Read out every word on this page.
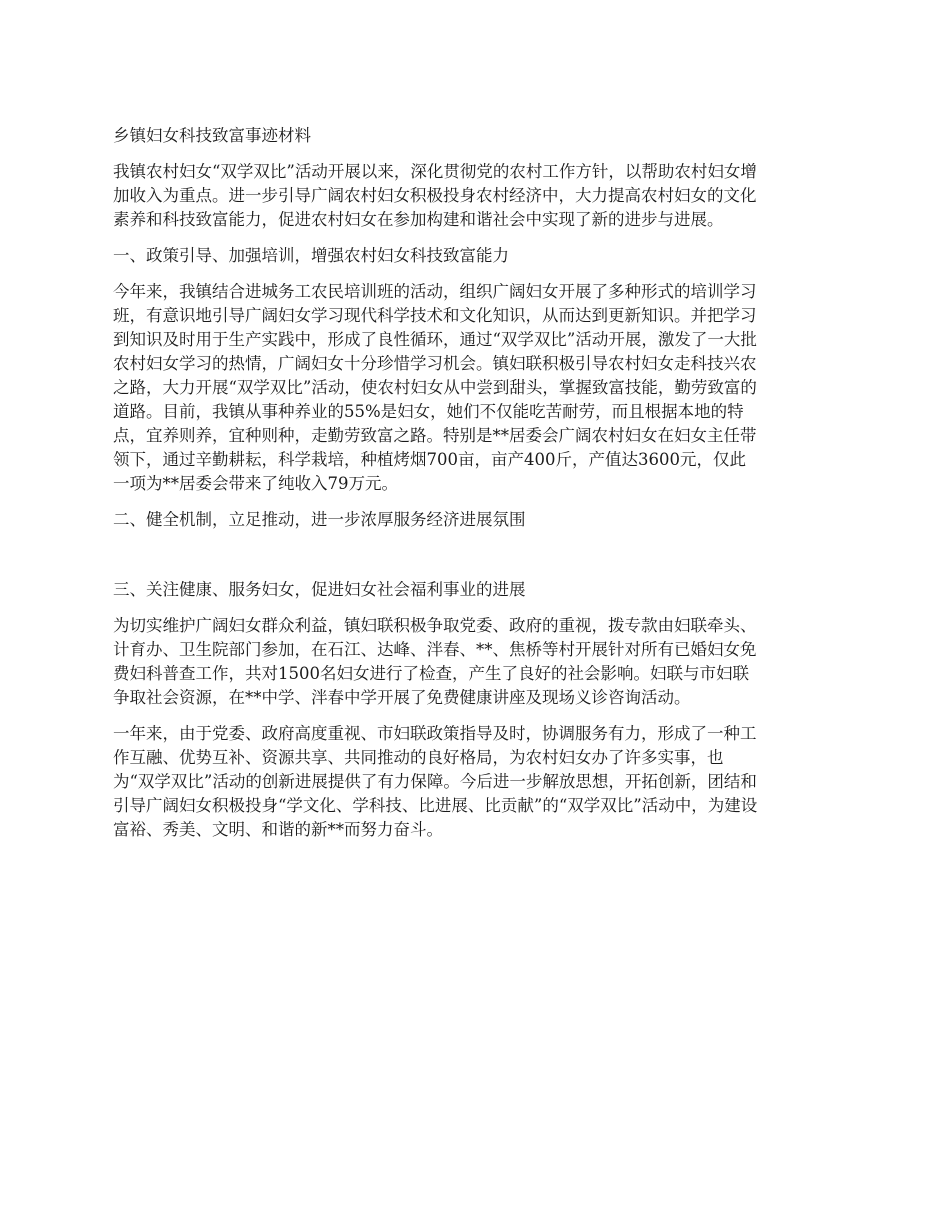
乡镇妇女科技致富事迹材料

我镇农村妇女“双学双比”活动开展以来，深化贯彻党的农村工作方针，以帮助农村妇女增

加收入为重点。进一步引导广阔农村妇女积极投身农村经济中，大力提高农村妇女的文化

素养和科技致富能力，促进农村妇女在参加构建和谐社会中实现了新的进步与进展。

一、政策引导、加强培训，增强农村妇女科技致富能力

今年来，我镇结合进城务工农民培训班的活动，组织广阔妇女开展了多种形式的培训学习

班，有意识地引导广阔妇女学习现代科学技术和文化知识，从而达到更新知识。并把学习

到知识及时用于生产实践中，形成了良性循环，通过“双学双比”活动开展，激发了一大批

农村妇女学习的热情，广阔妇女十分珍惜学习机会。镇妇联积极引导农村妇女走科技兴农

之路，大力开展“双学双比”活动，使农村妇女从中尝到甜头，掌握致富技能，勤劳致富的

道路。目前，我镇从事种养业的55%是妇女，她们不仅能吃苦耐劳，而且根据本地的特

点，宜养则养，宜种则种，走勤劳致富之路。特别是**居委会广阔农村妇女在妇女主任带

领下，通过辛勤耕耘，科学栽培，种植烤烟700亩，亩产400斤，产值达3600元，仅此

一项为**居委会带来了纯收入79万元。

二、健全机制，立足推动，进一步浓厚服务经济进展氛围

三、关注健康、服务妇女，促进妇女社会福利事业的进展

为切实维护广阔妇女群众利益，镇妇联积极争取党委、政府的重视，拨专款由妇联牵头、

计育办、卫生院部门参加，在石江、达峰、泮春、**、焦桥等村开展针对所有已婚妇女免

费妇科普查工作，共对1500名妇女进行了检查，产生了良好的社会影响。妇联与市妇联

争取社会资源，在**中学、泮春中学开展了免费健康讲座及现场义诊咨询活动。

一年来，由于党委、政府高度重视、市妇联政策指导及时，协调服务有力，形成了一种工

作互融、优势互补、资源共享、共同推动的良好格局，为农村妇女办了许多实事，也

为“双学双比”活动的创新进展提供了有力保障。今后进一步解放思想，开拓创新，团结和

引导广阔妇女积极投身“学文化、学科技、比进展、比贡献”的“双学双比”活动中，为建设

富裕、秀美、文明、和谐的新**而努力奋斗。
